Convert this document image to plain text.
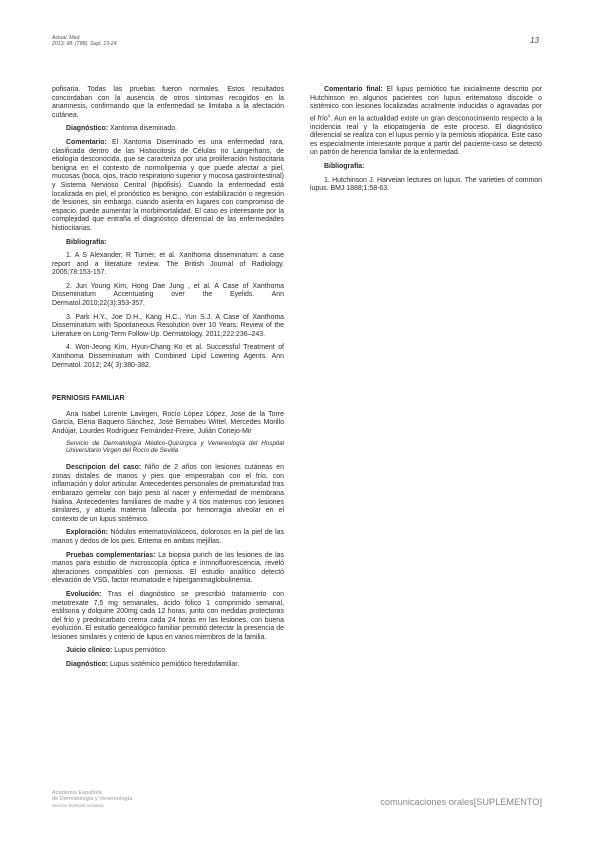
Actual. Med.
2013; 98: (788). Supl. 13-24	13

pofisaria. Todas las pruebas fueron normales. Estos resultados concordaban con la ausencia de otros síntomas recogidos en la anamnesis, confirmando que la enfermedad se limitaba a la afectación cutánea.

Diagnóstico: Xantoma diseminado.

Comentario: El Xantoma Diseminado es una enfermedad rara, clasificada dentro de las Histiocitosis de Células no Langerhans, de etiología desconocida, que se caracteriza por una proliferación histiocitaria benigna en el contexto de normolipemia y que puede afectar a piel, mucosas (boca, ojos, tracto respiratorio superior y mucosa gastrointestinal) y Sistema Nervioso Central (hipófisis). Cuando la enfermedad está localizada en piel, el pronóstico es benigno, con estabilización o regresión de lesiones, sin embargo, cuando asienta en lugares con compromiso de espacio, puede aumentar la morbimortalidad. El caso es interesante por la complejidad que entraña el diagnóstico diferencial de las enfermedades histiocitarias.

Bibliografía:

1. A S Alexander, R Turner, et al. Xanthoma disseminatum: a case report and a literature review. The British Journal of Radiology. 2005;78:153-157.

2. Jun Young Kim, Hong Dae Jung , et al. A Case of Xanthoma Disseminatum Accentuating over the Eyelids. Ann Dermatol.2010;22(3):353-357.

3. Park H.Y., Joe D.H., Kang H.C., Yun S.J. A Case of Xanthoma Disseminatum with Spontaneous Resolution over 10 Years: Review of the Literature on Long-Term Follow-Up. Dermatology. 2011;222:236–243.

4. Won-Jeong Kim, Hyun-Chang Ko et al. Successful Treatment of Xanthoma Disseminatum with Combined Lipid Lowering Agents. Ann Dermatol. 2012; 24( 3):380-382.

PERNIOSIS FAMILIAR

Ana Isabel Lorente Lavirgen, Rocío López López, Jose de la Torre García, Elena Baquero Sánchez, José Bernabeu Wittel, Mercedes Morillo Andújar, Lourdes Rodríguez Fernández-Freire, Julián Conejo-Mir

Servicio de Dermatología Médico-Quirúrgica y Venereología del Hospital Universitario Virgen del Rocío de Sevilla

Descripcion del caso: Niño de 2 años con lesiones cutáneas en zonas distales de manos y pies que empeoraban con el frío, con inflamación y dolor articular. Antecedentes personales de prematuridad tras embarazo gemelar con bajo peso al nacer y enfermedad de membrana hialina. Antecedentes familiares de madre y 4 tíos maternos con lesiones similares, y abuela materna fallecida por hemorragia alveolar en el contexto de un lupus sistémico.

Exploración: Nódulos eritematovioláceos, dolorosos en la piel de las manos y dedos de los pies. Eritema en ambas mejillas.

Pruebas complementarias: La biopsia punch de las lesiones de las manos para estudio de microscopía óptica e inmnofluorescencia, reveló alteraciones compatibles con perniosis. El estudio analítico detectó elevación de VSG, factor reumatoide e hipergammaglobulinemia.

Evolución: Tras el diagnóstico se prescribió tratamiento con metotrexate 7,5 mg semanales, ácido fólico 1 comprimido semanal, estilsona y dolquine 200mg cada 12 horas, junto con medidas protectoras del frío y prednicarbato crema cada 24 horas en las lesiones, con buena evolución. El estudio genealógico familiar permitió detectar la presencia de lesiones similares y criterio de lupus en varios miembros de la familia.

Juicio clínico: Lupus perniótico.

Diagnóstico: Lupus sistémico perniótico heredofamiliar.

Comentario final: El lupus perniótico fue inicialmente descrito por Hutchinson en algunos pacientes con lupus eritematoso discoide o sistémico con lesiones localizadas acralmente inducidas o agravadas por el frío$^1$. Aun en la actualidad existe un gran desconocimiento respecto a la incidencia real y la etiopatogenia de este proceso. El diagnóstico diferencial se realiza con el lupus pernio y la perniosis idiopática. Este caso es especialmente interesante porque a partir del paciente-caso se detectó un patrón de herencia familiar de la enfermedad.

Bibliografía:

1. Hutchinson J. Harveian lectures on lupus. The varieties of common lupus. BMJ 1888;1:58-63.

Academia Española
de Dermatología y Venereología
Sección Territorial Andaluza	comunicaciones orales[SUPLEMENTO]
